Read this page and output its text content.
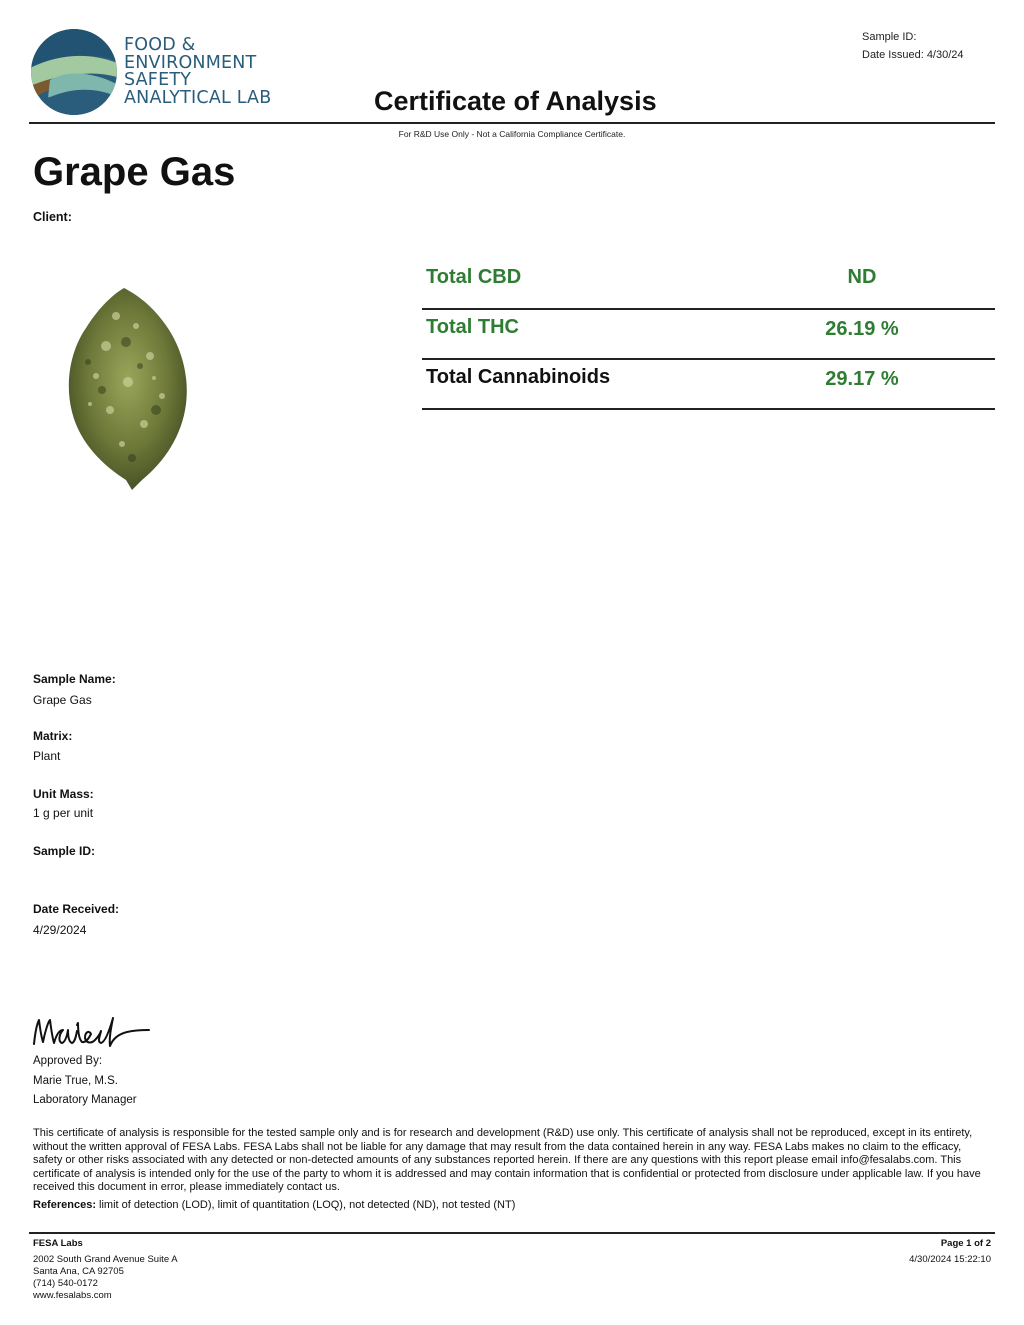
FOOD &
ENVIRONMENT
SAFETY
ANALYTICAL LAB
Sample ID:
Date Issued: 4/30/24
Certificate of Analysis
For R&D Use Only - Not a California Compliance Certificate.
Grape Gas
Client:
Total CBD	ND
Total THC	26.19 %
Total Cannabinoids	29.17 %
Sample Name:
Grape Gas
Matrix:
Plant
Unit Mass:
1 g per unit
Sample ID:
Date Received:
4/29/2024
Approved By:
Marie True, M.S.
Laboratory Manager
This certificate of analysis is responsible for the tested sample only and is for research and development (R&D) use only. This certificate of analysis shall not be reproduced, except in its entirety, without the written approval of FESA Labs. FESA Labs shall not be liable for any damage that may result from the data contained herein in any way. FESA Labs makes no claim to the efficacy, safety or other risks associated with any detected or non-detected amounts of any substances reported herein. If there are any questions with this report please email info@fesalabs.com. This certificate of analysis is intended only for the use of the party to whom it is addressed and may contain information that is confidential or protected from disclosure under applicable law. If you have received this document in error, please immediately contact us.
References: limit of detection (LOD), limit of quantitation (LOQ), not detected (ND), not tested (NT)
FESA Labs
2002 South Grand Avenue Suite A
Santa Ana, CA 92705
(714) 540-0172
www.fesalabs.com
Page 1 of 2
4/30/2024 15:22:10
